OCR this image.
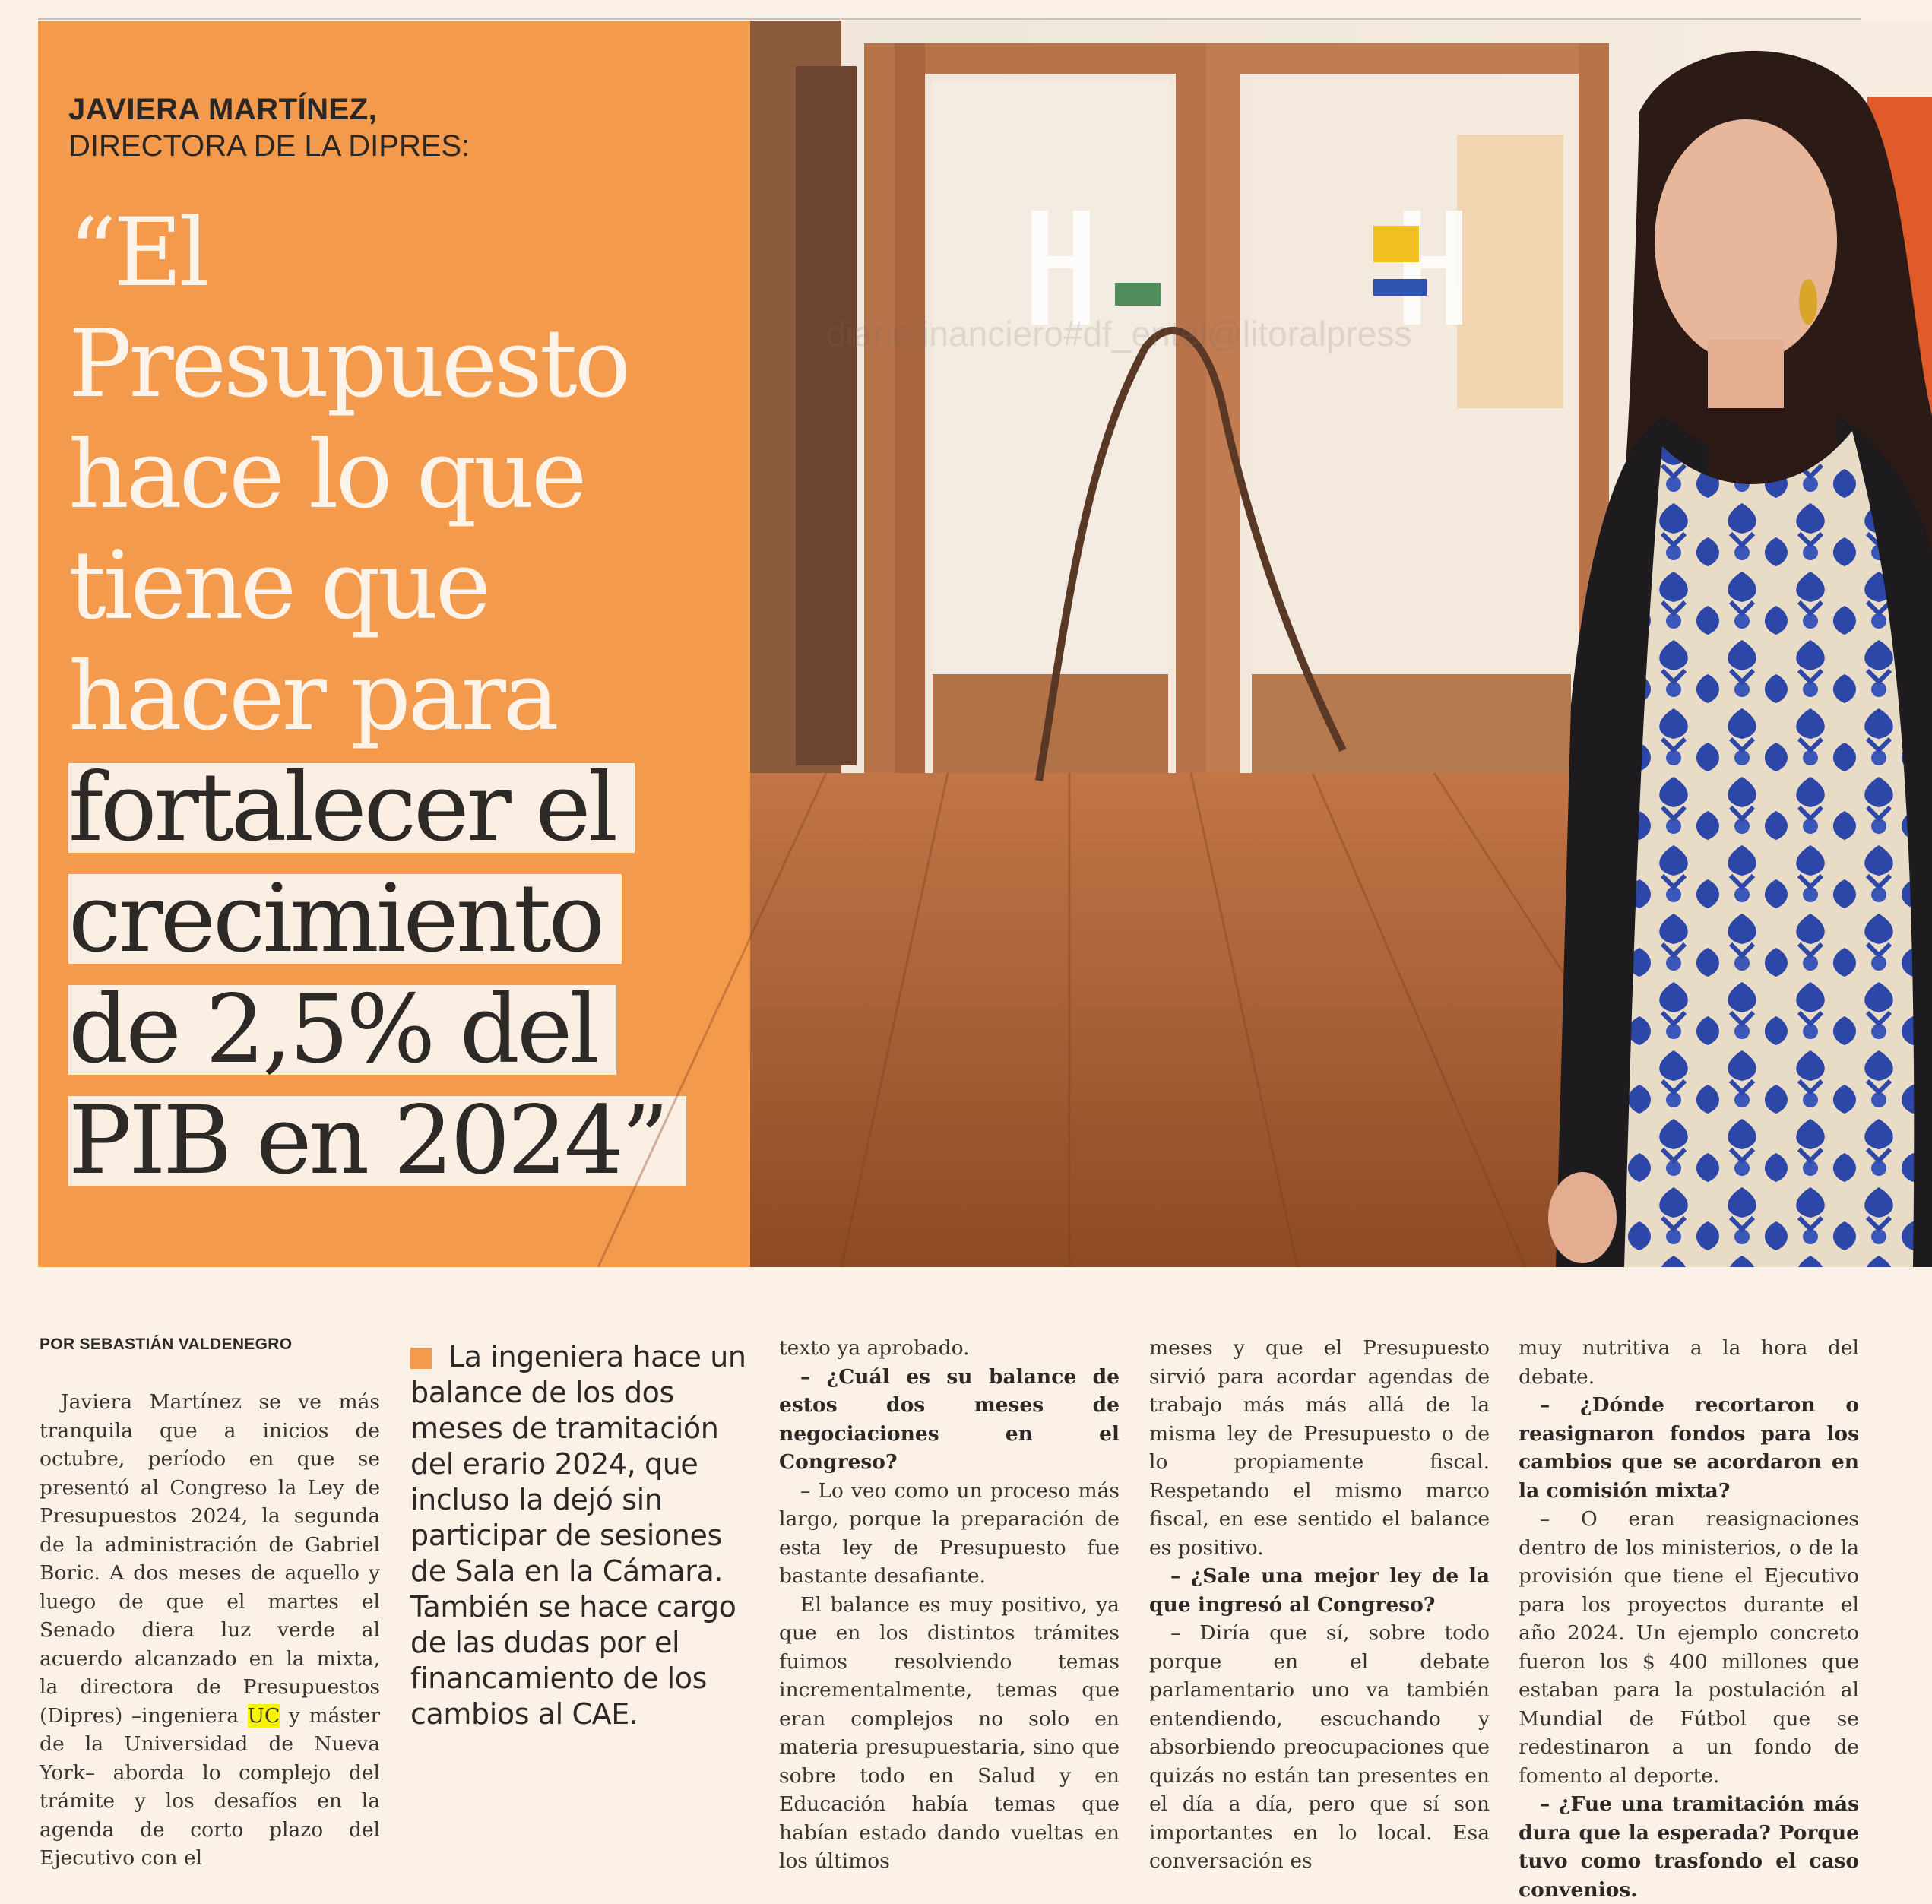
JAVIERA MARTÍNEZ,
DIRECTORA DE LA DIPRES:
“El
Presupuesto
hace lo que
tiene que
hacer para
fortalecer el
crecimiento
de 2,5% del
PIB en 2024”
diariofinanciero#df_entel@litoralpress
POR SEBASTIÁN VALDENEGRO

Javiera Martínez se ve más tranquila que a inicios de octubre, período en que se presentó al Congreso la Ley de Presupuestos 2024, la segunda de la administración de Gabriel Boric. A dos meses de aquello y luego de que el martes el Senado diera luz verde al acuerdo alcanzado en la mixta, la directora de Presupuestos (Dipres) –ingeniera UC y máster de la Universidad de Nueva York– aborda lo complejo del trámite y los desafíos en la agenda de corto plazo del Ejecutivo con el

La ingeniera hace un balance de los dos meses de tramitación del erario 2024, que incluso la dejó sin participar de sesiones de Sala en la Cámara. También se hace cargo de las dudas por el financamiento de los cambios al CAE.

texto ya aprobado.

– ¿Cuál es su balance de estos dos meses de negociaciones en el Congreso?

– Lo veo como un proceso más largo, porque la preparación de esta ley de Presupuesto fue bastante desafiante.

El balance es muy positivo, ya que en los distintos trámites fuimos resolviendo temas incrementalmente, temas que eran complejos no solo en materia presupuestaria, sino que sobre todo en Salud y en Educación había temas que habían estado dando vueltas en los últimos

meses y que el Presupuesto sirvió para acordar agendas de trabajo más más allá de la misma ley de Presupuesto o de lo propiamente fiscal. Respetando el mismo marco fiscal, en ese sentido el balance es positivo.

– ¿Sale una mejor ley de la que ingresó al Congreso?

– Diría que sí, sobre todo porque en el debate parlamentario uno va también entendiendo, escuchando y absorbiendo preocupaciones que quizás no están tan presentes en el día a día, pero que sí son importantes en lo local. Esa conversación es

muy nutritiva a la hora del debate.

– ¿Dónde recortaron o reasignaron fondos para los cambios que se acordaron en la comisión mixta?

– O eran reasignaciones dentro de los ministerios, o de la provisión que tiene el Ejecutivo para los proyectos durante el año 2024. Un ejemplo concreto fueron los $ 400 millones que estaban para la postulación al Mundial de Fútbol que se redestinaron a un fondo de fomento al deporte.

– ¿Fue una tramitación más dura que la esperada? Porque tuvo como trasfondo el caso convenios.
